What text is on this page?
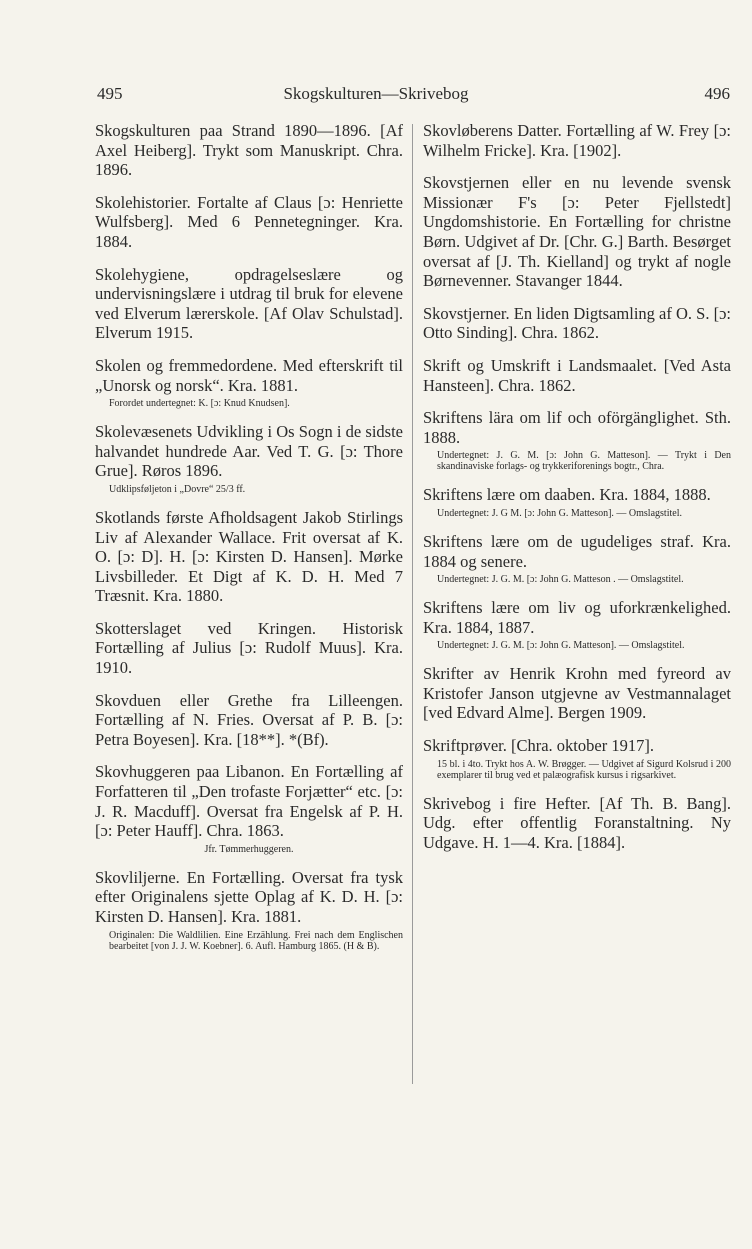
495	Skogskulturen—Skrivebog	496
Skogskulturen paa Strand 1890—1896. [Af Axel Heiberg]. Trykt som Manuskript. Chra. 1896.
Skolehistorier. Fortalte af Claus [ɔ: Henriette Wulfsberg]. Med 6 Pennetegninger. Kra. 1884.
Skolehygiene, opdragelseslære og undervisningslære i utdrag til bruk for elevene ved Elverum lærerskole. [Af Olav Schulstad]. Elverum 1915.
Skolen og fremmedordene. Med efterskrift til „Unorsk og norsk“. Kra. 1881.
Forordet undertegnet: K. [ɔ: Knud Knudsen].
Skolevæsenets Udvikling i Os Sogn i de sidste halvandet hundrede Aar. Ved T. G. [ɔ: Thore Grue]. Røros 1896.
Udklipsføljeton i „Dovre“ 25/3 ff.
Skotlands første Afholdsagent Jakob Stirlings Liv af Alexander Wallace. Frit oversat af K. O. [ɔ: D]. H. [ɔ: Kirsten D. Hansen]. Mørke Livsbilleder. Et Digt af K. D. H. Med 7 Træsnit. Kra. 1880.
Skotterslaget ved Kringen. Historisk Fortælling af Julius [ɔ: Rudolf Muus]. Kra. 1910.
Skovduen eller Grethe fra Lilleengen. Fortælling af N. Fries. Oversat af P. B. [ɔ: Petra Boyesen]. Kra. [18**]. *(Bf).
Skovhuggeren paa Libanon. En Fortælling af Forfatteren til „Den trofaste Forjætter“ etc. [ɔ: J. R. Macduff]. Oversat fra Engelsk af P. H. [ɔ: Peter Hauff]. Chra. 1863.
Jfr. Tømmerhuggeren.
Skovliljerne. En Fortælling. Oversat fra tysk efter Originalens sjette Oplag af K. D. H. [ɔ: Kirsten D. Hansen]. Kra. 1881.
Originalen: Die Waldlilien. Eine Erzählung. Frei nach dem Englischen bearbeitet [von J. J. W. Koebner]. 6. Aufl. Hamburg 1865. (H & B).
Skovløberens Datter. Fortælling af W. Frey [ɔ: Wilhelm Fricke]. Kra. [1902].
Skovstjernen eller en nu levende svensk Missionær F's [ɔ: Peter Fjellstedt] Ungdomshistorie. En Fortælling for christne Børn. Udgivet af Dr. [Chr. G.] Barth. Besørget oversat af [J. Th. Kielland] og trykt af nogle Børnevenner. Stavanger 1844.
Skovstjerner. En liden Digtsamling af O. S. [ɔ: Otto Sinding]. Chra. 1862.
Skrift og Umskrift i Landsmaalet. [Ved Asta Hansteen]. Chra. 1862.
Skriftens lära om lif och oförgänglighet. Sth. 1888.
Undertegnet: J. G. M. [ɔ: John G. Matteson]. — Trykt i Den skandinaviske forlags- og trykkeriforenings bogtr., Chra.
Skriftens lære om daaben. Kra. 1884, 1888.
Undertegnet: J. G M. [ɔ: John G. Matteson]. — Omslagstitel.
Skriftens lære om de ugudeliges straf. Kra. 1884 og senere.
Undertegnet: J. G. M. [ɔ: John G. Matteson . — Omslagstitel.
Skriftens lære om liv og uforkrænkelighed. Kra. 1884, 1887.
Undertegnet: J. G. M. [ɔ: John G. Matteson]. — Omslagstitel.
Skrifter av Henrik Krohn med fyreord av Kristofer Janson utgjevne av Vestmannalaget [ved Edvard Alme]. Bergen 1909.
Skriftprøver. [Chra. oktober 1917].
15 bl. i 4to. Trykt hos A. W. Brøgger. — Udgivet af Sigurd Kolsrud i 200 exemplarer til brug ved et palæografisk kursus i rigsarkivet.
Skrivebog i fire Hefter. [Af Th. B. Bang]. Udg. efter offentlig Foranstaltning. Ny Udgave. H. 1—4. Kra. [1884].
